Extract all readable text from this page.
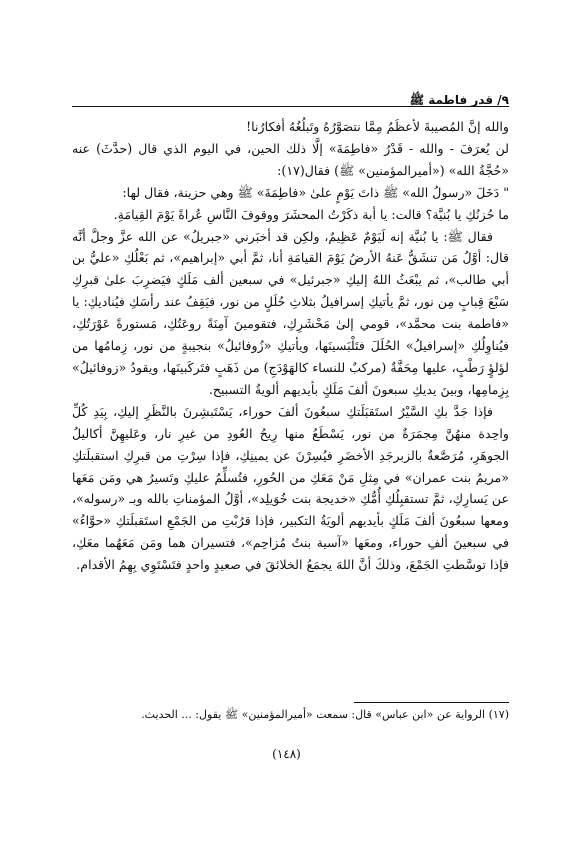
٩/ قدر فاطمة ﷺ

والله إنَّ المُصيبةَ لأعظَمُ مِمَّا نتصَوَّرُهُ وتَبلُغُهُ أفكارُنا!

لن يُعرَفَ - والله - قَدْرُ «فاطِمَةَ» إلَّا ذلك الحين، في اليوم الذي قال (حدَّثَ) عنه «حُجَّةُ الله» («أميرالمؤمنين» ﷺ) فقال(١٧):

" دَخَلَ «رسولُ الله» ﷺ ذاتَ يَوْمٍ علىٰ «فاطِمَةَ» ﷺ وهي حزينة، فقال لها:

ما حُزنُكِ يا بُنيَّة؟ قالت: يا أبة ذكَرْتُ المحشَرَ ووقوفَ النَّاسِ عُراةً يَوْمَ القِيامَةِ.

فقال ﷺ: يا بُنيَّة إنه لَيَوْمٌ عَظِيمٌ، ولكِن قد أخبَرني «جبريلُ» عن الله عزَّ وجلَّ أنَّه قال: أوَّلُ مَن تنشَقُّ عَنهُ الأرضُ يَوْمَ القيامَةِ أنا، ثمَّ أبي «إبراهيم»، ثم بَعْلُكِ «عليُّ بن أبي طالب»، ثم يبْعَثُ اللهُ إليكِ «جبرئيل» في سبعين ألف مَلَكٍ فيَضرِبَ علىٰ قبرِكِ سَبْعَ قِبابٍ مِن نور، ثمَّ يأتيكِ إسرافيلُ بثلاثِ حُلَلٍ من نور، فيَقِفُ عند رأسَكِ فيُناديكِ: يا «فاطمة بنت محمَّد»، قومي إلىٰ مَحْشَرِكِ، فتقومينَ آمِنَةً روعَتُكِ، مَستورةً عَوْرَتُكِ، فيُناوِلُكِ «إسرافيلُ» الحُلَلَ فتَلْبَسينَها، ويأتيكِ «زُوفائيلُ» بنجيبةٍ من نور، زِمامُها من لؤلؤٍ رَطْبٍ، عليها مِحَفَّةٌ (مركبٌ للنساء كالهَوْدَجِ) من ذَهَبٍ فتَركَبينَها، ويقودُ «زوفائيلُ» بِزِمامِها، وبينَ يديكِ سبعونَ ألفَ مَلَكٍ بأيديهم ألويةُ التسبيح.

فإذا جَدَّ بكِ السَّيْرُ استَقبَلَتكِ سبعُونَ ألفَ حوراء، يَسْتَبشِرنَ بالنَّظَرِ إليكِ، بِيَدِ كُلِّ واحِدة منهُنَّ مِجمَرَةٌ من نور، يَسْطَعُ منها رِيحُ العُودِ من غيرِ نار، وعَليهِنَّ أكاليلُ الجوهَرِ، مُرَصَّعةٌ بالزبرجَدِ الأخضَرِ فيُسِرْنَ عن يمينِكِ، فإذا سِرْتِ من قبرِكِ استقبلَتكِ «مريمُ بنت عمران» في مِثلِ مَنْ مَعَكِ من الحُورِ، فتُسلِّمُ عليكِ وتَسيرُ هي ومَن مَعَها عن يَسارِكِ، ثمَّ تستقبِلُكِ أُمُّكِ «خديجة بنت خُوَيلِد»، أوَّلُ المؤمناتِ بالله وبـ «رسوله»، ومعها سبعُونَ ألفَ مَلَكٍ بأيديهم ألويَةُ التكبير، فإذا قرُبْتِ من الجَمْعِ استَقبلَتكِ «حوَّاءُ» في سبعينَ ألفِ حوراء، ومعَها «آسية بنتُ مُزاحِم»، فتسيران هما ومَن مَعَهُما معَكِ، فإذا توسَّطتِ الجَمْعَ، وذلكَ أنَّ اللهَ يجمَعُ الخلائقَ في صعيدٍ واحدٍ فتَسْتَوِي بِهِمُ الأقدام.

(١٧) الرواية عن «ابن عباس» قال: سمعت «أميرالمؤمنين» ﷺ يقول: ... الحديث.
(١٤٨)
